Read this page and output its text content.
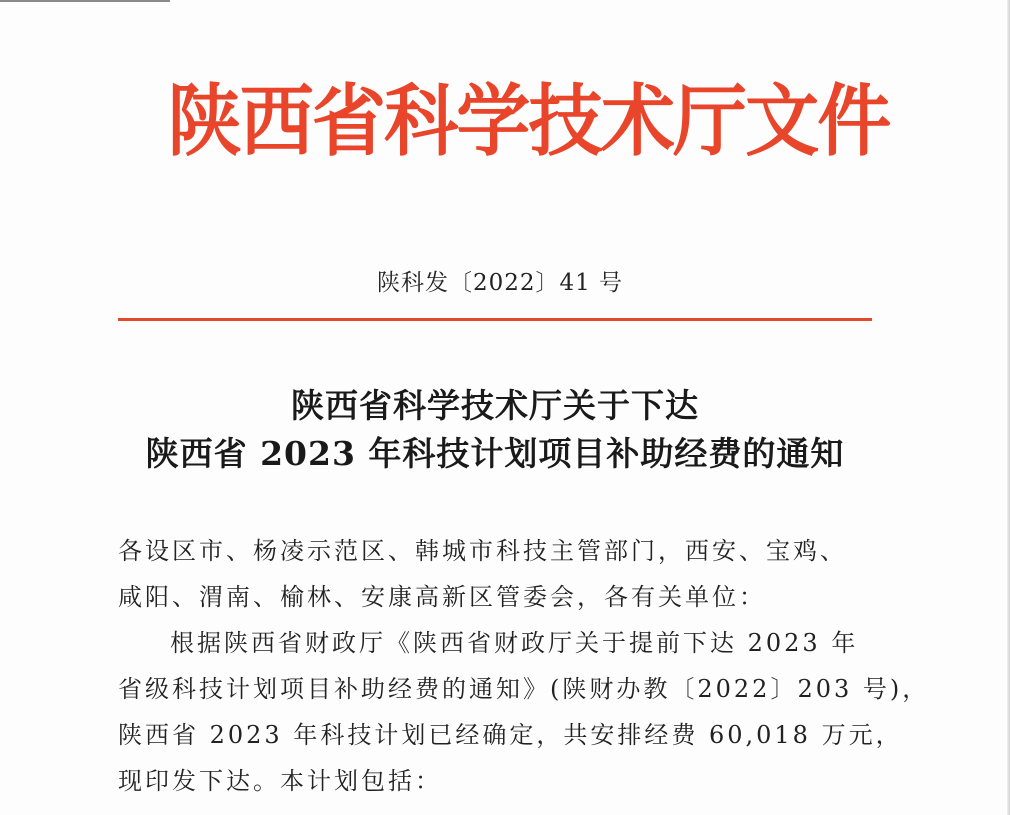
陕西省科学技术厅文件
陕科发〔2022〕41 号
陕西省科学技术厅关于下达
陕西省 2023 年科技计划项目补助经费的通知
各设区市、杨凌示范区、韩城市科技主管部门，西安、宝鸡、
咸阳、渭南、榆林、安康高新区管委会，各有关单位：
根据陕西省财政厅《陕西省财政厅关于提前下达 2023 年
省级科技计划项目补助经费的通知》(陕财办教〔2022〕203 号)，
陕西省 2023 年科技计划已经确定，共安排经费 60,018 万元，
现印发下达。本计划包括：
